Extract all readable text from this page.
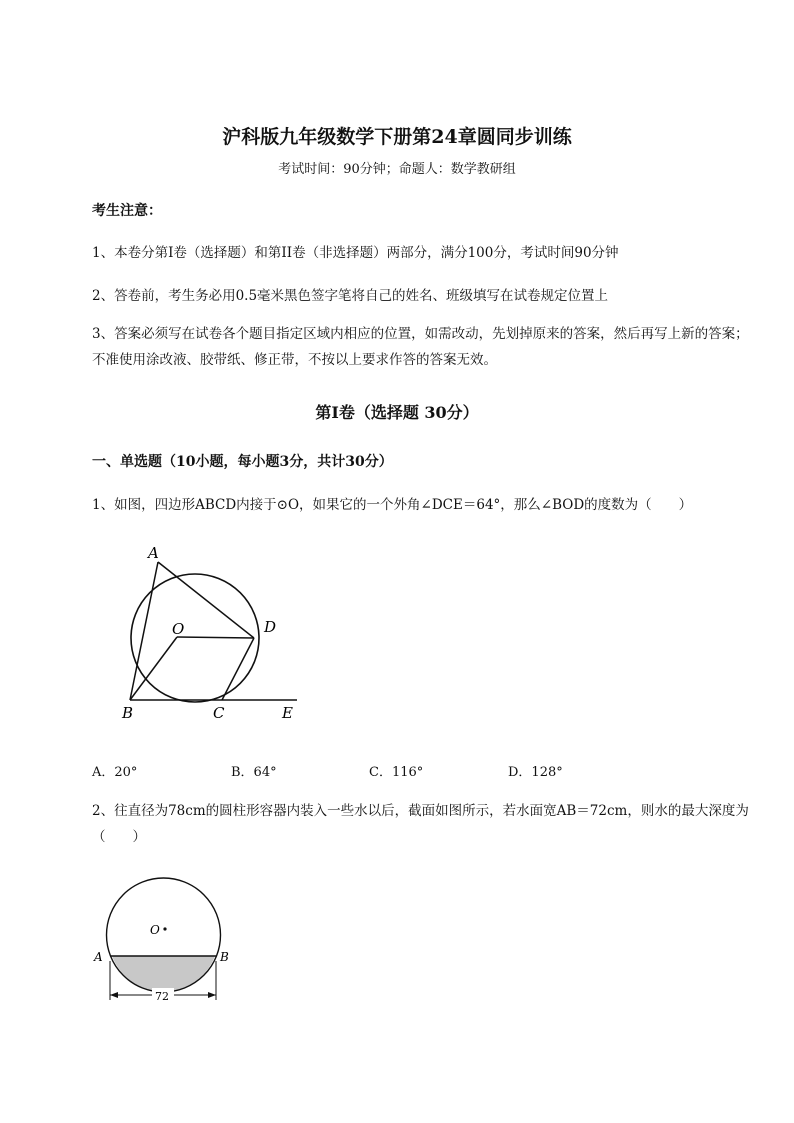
沪科版九年级数学下册第24章圆同步训练
考试时间：90分钟；命题人：数学教研组
考生注意：
1、本卷分第I卷（选择题）和第II卷（非选择题）两部分，满分100分，考试时间90分钟
2、答卷前，考生务必用0.5毫米黑色签字笔将自己的姓名、班级填写在试卷规定位置上
3、答案必须写在试卷各个题目指定区域内相应的位置，如需改动，先划掉原来的答案，然后再写上新的答案；不准使用涂改液、胶带纸、修正带，不按以上要求作答的答案无效。
第I卷（选择题 30分）
一、单选题（10小题，每小题3分，共计30分）
1、如图，四边形ABCD内接于⊙O，如果它的一个外角∠DCE＝64°，那么∠BOD的度数为（　　）
A
O	D
B	C	E
A．20°	B．64°	C．116°	D．128°
2、往直径为78cm的圆柱形容器内装入一些水以后，截面如图所示，若水面宽AB＝72cm，则水的最大深度为（　　）
O
A	B
72
